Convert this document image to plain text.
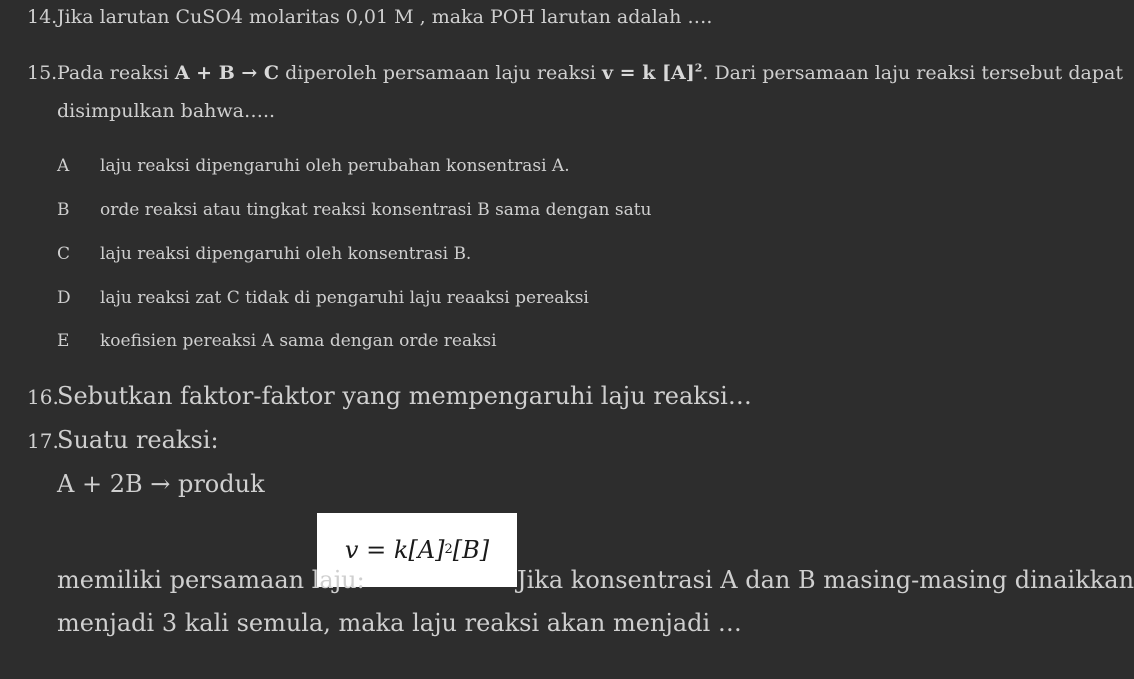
14.Jika larutan CuSO4 molaritas 0,01 M , maka POH larutan adalah ….
15.Pada reaksi A + B → C diperoleh persamaan laju reaksi v = k $[A]^2$. Dari persamaan laju reaksi tersebut dapat
disimpulkan bahwa…..
A laju reaksi dipengaruhi oleh perubahan konsentrasi A.
B orde reaksi atau tingkat reaksi konsentrasi B sama dengan satu
C laju reaksi dipengaruhi oleh konsentrasi B.
D laju reaksi zat C tidak di pengaruhi laju reaaksi pereaksi
E koefisien pereaksi A sama dengan orde reaksi
16.Sebutkan faktor-faktor yang mempengaruhi laju reaksi…
17.Suatu reaksi:
A + 2B → produk
v = k[A] 2 [B]
memiliki persamaan laju:	Jika konsentrasi A dan B masing-masing dinaikkan
menjadi 3 kali semula, maka laju reaksi akan menjadi …
